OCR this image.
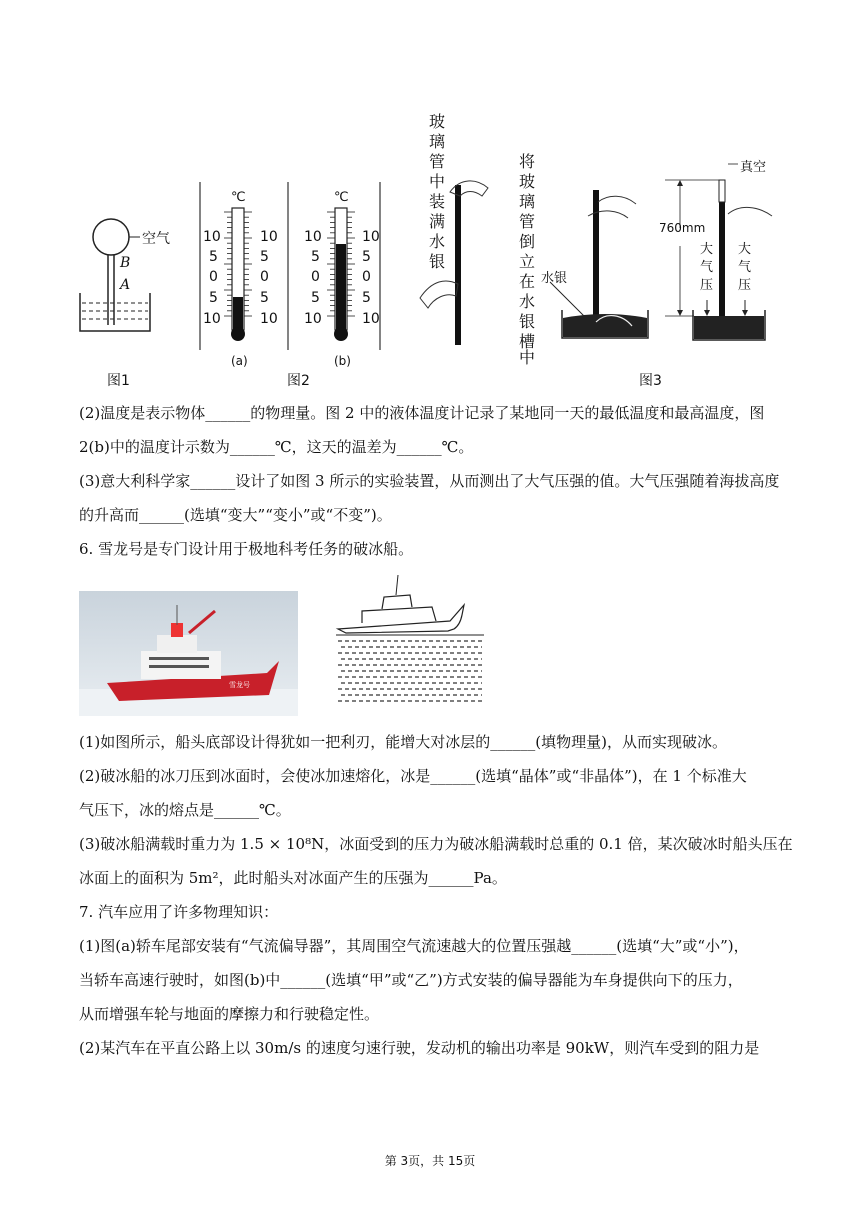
空气
B
A
图1
℃	℃
10
5
0
5
10
10
5
0
5
10
10
5
0
5
10
10
5
0
5
10
(a)	(b)
图2
玻
璃
管
中
装
满
水
银
将
玻
璃
管
倒
立
在
水
银
槽
中
水银
真空
760mm
大
气
压
大
气
压
图3
(2)温度是表示物体______的物理量。图 2 中的液体温度计记录了某地同一天的最低温度和最高温度，图
2(b)中的温度计示数为______℃，这天的温差为______℃。
(3)意大利科学家______设计了如图 3 所示的实验装置，从而测出了大气压强的值。大气压强随着海拔高度
的升高而______(选填“变大”“变小”或“不变”)。
6. 雪龙号是专门设计用于极地科考任务的破冰船。
雪龙号
(1)如图所示，船头底部设计得犹如一把利刃，能增大对冰层的______(填物理量)，从而实现破冰。
(2)破冰船的冰刀压到冰面时，会使冰加速熔化，冰是______(选填“晶体”或“非晶体”)，在 1 个标准大
气压下，冰的熔点是______℃。
(3)破冰船满载时重力为 1.5 × 10⁸N，冰面受到的压力为破冰船满载时总重的 0.1 倍，某次破冰时船头压在
冰面上的面积为 5m²，此时船头对冰面产生的压强为______Pa。
7. 汽车应用了许多物理知识：
(1)图(a)轿车尾部安装有“气流偏导器”，其周围空气流速越大的位置压强越______(选填“大”或“小”)，
当轿车高速行驶时，如图(b)中______(选填“甲”或“乙”)方式安装的偏导器能为车身提供向下的压力，
从而增强车轮与地面的摩擦力和行驶稳定性。
(2)某汽车在平直公路上以 30m/s 的速度匀速行驶，发动机的输出功率是 90kW，则汽车受到的阻力是
第 3页，共 15页
